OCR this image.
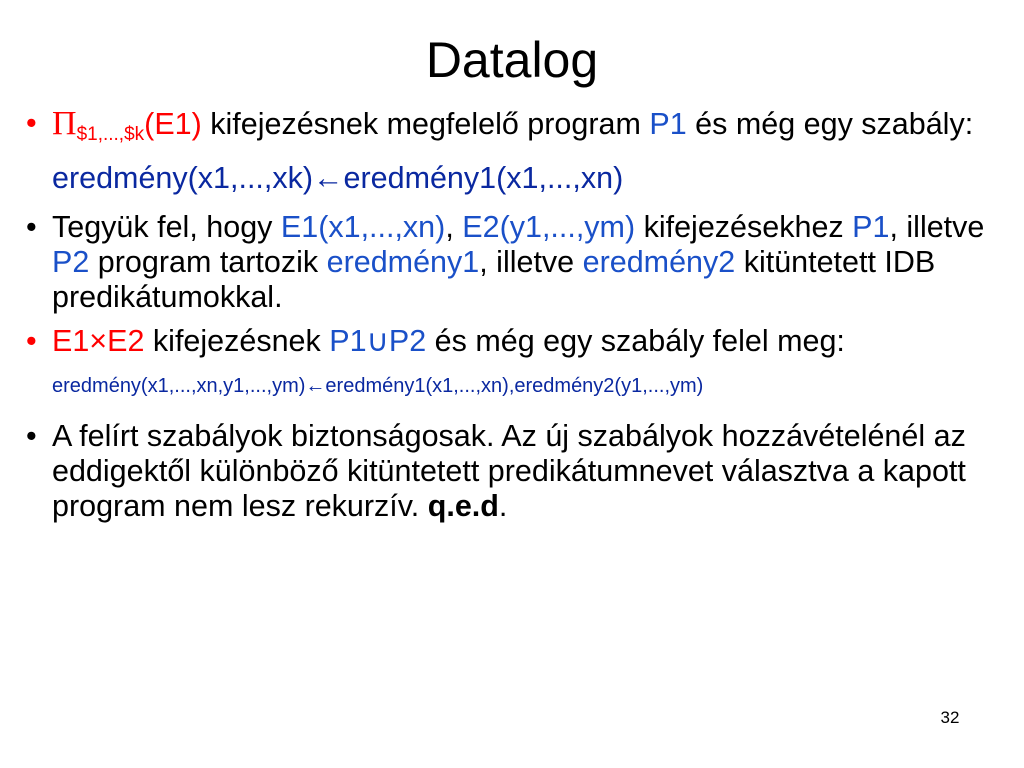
Datalog
• $\Pi_{\$1,...,\$k}(E1)$ kifejezésnek megfelelő program P1 és még egy szabály:
eredmény(x1,...,xk)←eredmény1(x1,...,xn)
• Tegyük fel, hogy E1(x1,...,xn), E2(y1,...,ym) kifejezésekhez P1, illetve P2 program tartozik eredmény1, illetve eredmény2 kitüntetett IDB predikátumokkal.
• E1×E2 kifejezésnek P1∪P2 és még egy szabály felel meg:
eredmény(x1,...,xn,y1,...,ym)←eredmény1(x1,...,xn),eredmény2(y1,...,ym)
• A felírt szabályok biztonságosak. Az új szabályok hozzávételénél az eddigektől különböző kitüntetett predikátumnevet választva a kapott program nem lesz rekurzív. q.e.d.
32
